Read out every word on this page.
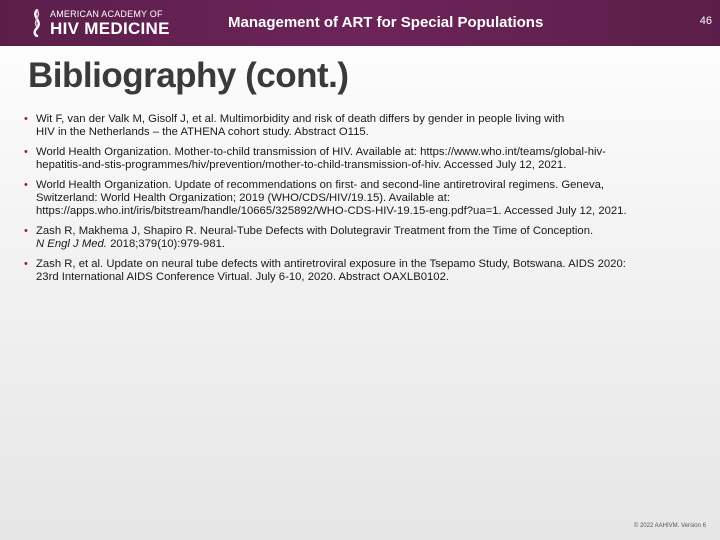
AMERICAN ACADEMY OF
HIV MEDICINE	Management of ART for Special Populations	46
Bibliography (cont.)
• Wit F, van der Valk M, Gisolf J, et al. Multimorbidity and risk of death differs by gender in people living with
HIV in the Netherlands – the ATHENA cohort study. Abstract O115.
• World Health Organization. Mother-to-child transmission of HIV. Available at: https://www.who.int/teams/global-hiv-
hepatitis-and-stis-programmes/hiv/prevention/mother-to-child-transmission-of-hiv. Accessed July 12, 2021.
• World Health Organization. Update of recommendations on first- and second-line antiretroviral regimens. Geneva,
Switzerland: World Health Organization; 2019 (WHO/CDS/HIV/19.15). Available at:
https://apps.who.int/iris/bitstream/handle/10665/325892/WHO-CDS-HIV-19.15-eng.pdf?ua=1. Accessed July 12, 2021.
• Zash R, Makhema J, Shapiro R. Neural-Tube Defects with Dolutegravir Treatment from the Time of Conception.
N Engl J Med. 2018;379(10):979-981.
• Zash R, et al. Update on neural tube defects with antiretroviral exposure in the Tsepamo Study, Botswana. AIDS 2020:
23rd International AIDS Conference Virtual. July 6-10, 2020. Abstract OAXLB0102.
© 2022 AAHIVM. Version 6
